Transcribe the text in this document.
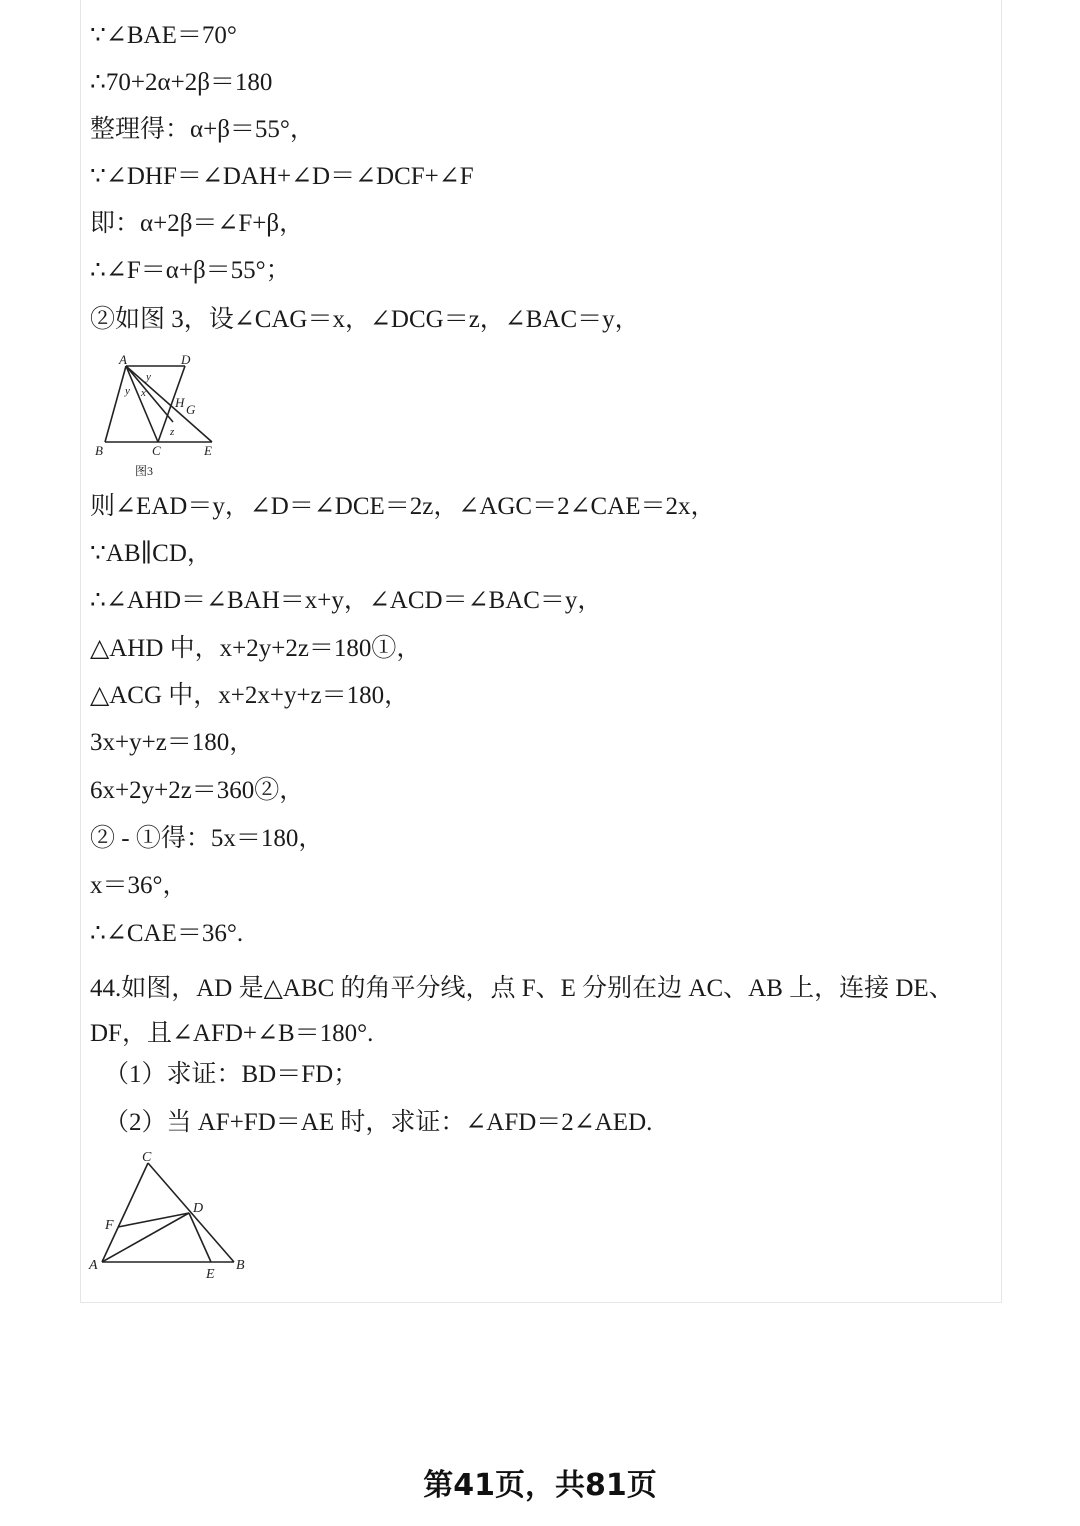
∵∠BAE＝70°
∴70+2α+2β＝180
整理得：α+β＝55°，
∵∠DHF＝∠DAH+∠D＝∠DCF+∠F
即：α+2β＝∠F+β，
∴∠F＝α+β＝55°；
②如图 3，设∠CAG＝x，∠DCG＝z，∠BAC＝y，
A	D
B	C	E
H G
y
y x
z
图3
则∠EAD＝y，∠D＝∠DCE＝2z，∠AGC＝2∠CAE＝2x，
∵AB∥CD，
∴∠AHD＝∠BAH＝x+y，∠ACD＝∠BAC＝y，
△AHD 中，x+2y+2z＝180①，
△ACG 中，x+2x+y+z＝180，
3x+y+z＝180，
6x+2y+2z＝360②，
② - ①得：5x＝180，
x＝36°，
∴∠CAE＝36°.
44.如图，AD 是△ABC 的角平分线，点 F、E 分别在边 AC、AB 上，连接 DE、DF，且∠AFD+∠B＝180°.
（1）求证：BD＝FD；
（2）当 AF+FD＝AE 时，求证：∠AFD＝2∠AED.
C
D
F
A
E
B
第41页，共81页
